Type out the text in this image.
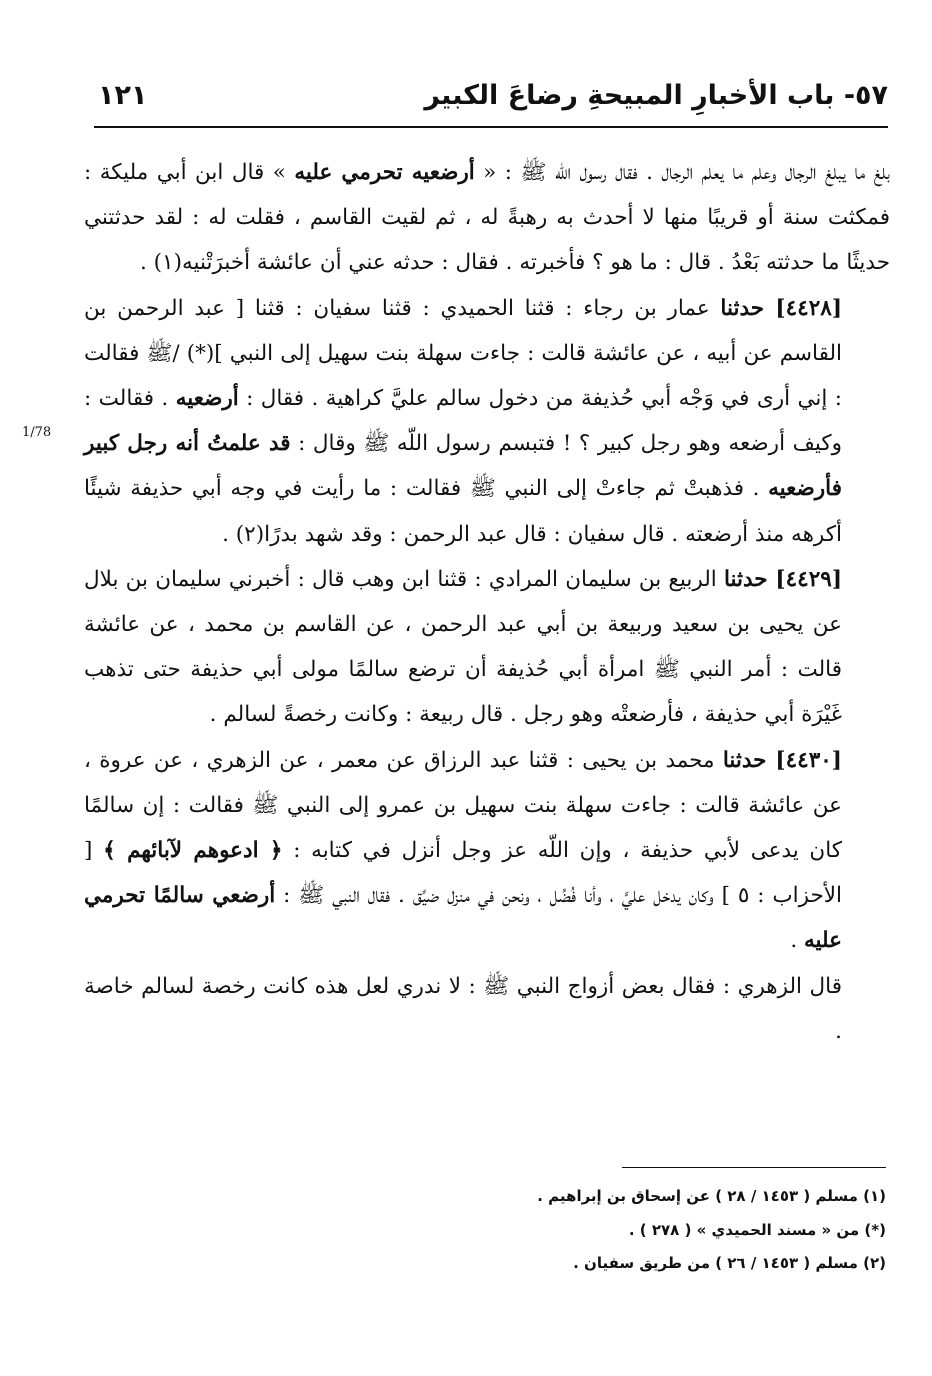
٥٧- باب الأخبارِ المبيحةِ رضاعَ الكبير
١٢١
1/78

بلغ ما يبلغ الرجال وعلم ما يعلم الرجال . فقال رسول اللّه ﷺ : « أرضعيه تحرمي عليه » قال ابن أبي مليكة : فمكثت سنة أو قريبًا منها لا أحدث به رهبةً له ، ثم لقيت القاسم ، فقلت له : لقد حدثتني حديثًا ما حدثته بَعْدُ . قال : ما هو ؟ فأخبرته . فقال : حدثه عني أن عائشة أخبرَتْنيه(١) .

[٤٤٢٨] حدثنا عمار بن رجاء : قثنا الحميدي : قثنا سفيان : قثنا [ عبد الرحمن بن القاسم عن أبيه ، عن عائشة قالت : جاءت سهلة بنت سهيل إلى النبي ](*) /ﷺ فقالت : إني أرى في وَجْه أبي حُذيفة من دخول سالم عليَّ كراهية . فقال : أرضعيه . فقالت : وكيف أرضعه وهو رجل كبير ؟ ! فتبسم رسول اللّه ﷺ وقال : قد علمتُ أنه رجل كبير فأرضعيه . فذهبتْ ثم جاءتْ إلى النبي ﷺ فقالت : ما رأيت في وجه أبي حذيفة شيئًا أكرهه منذ أرضعته . قال سفيان : قال عبد الرحمن : وقد شهد بدرًا(٢) .

[٤٤٢٩] حدثنا الربيع بن سليمان المرادي : قثنا ابن وهب قال : أخبرني سليمان بن بلال عن يحيى بن سعيد وربيعة بن أبي عبد الرحمن ، عن القاسم بن محمد ، عن عائشة قالت : أمر النبي ﷺ امرأة أبي حُذيفة أن ترضع سالمًا مولى أبي حذيفة حتى تذهب غَيْرَة أبي حذيفة ، فأرضعتْه وهو رجل . قال ربيعة : وكانت رخصةً لسالم .

[٤٤٣٠] حدثنا محمد بن يحيى : قثنا عبد الرزاق عن معمر ، عن الزهري ، عن عروة ، عن عائشة قالت : جاءت سهلة بنت سهيل بن عمرو إلى النبي ﷺ فقالت : إن سالمًا كان يدعى لأبي حذيفة ، وإن اللّه عز وجل أنزل في كتابه : ﴿ ادعوهم لآبائهم ﴾ [ الأحزاب : ٥ ] وكان يدخل عليَّ ، وأنا فُضُل ، ونحن في منزل ضيِّق . فقال النبي ﷺ : أرضعي سالمًا تحرمي عليه .

قال الزهري : فقال بعض أزواج النبي ﷺ : لا ندري لعل هذه كانت رخصة لسالم خاصة .

(١) مسلم ( ١٤٥٣ / ٢٨ ) عن إسحاق بن إبراهيم .
(*) من « مسند الحميدي » ( ٢٧٨ ) .
(٢) مسلم ( ١٤٥٣ / ٢٦ ) من طريق سفيان .
